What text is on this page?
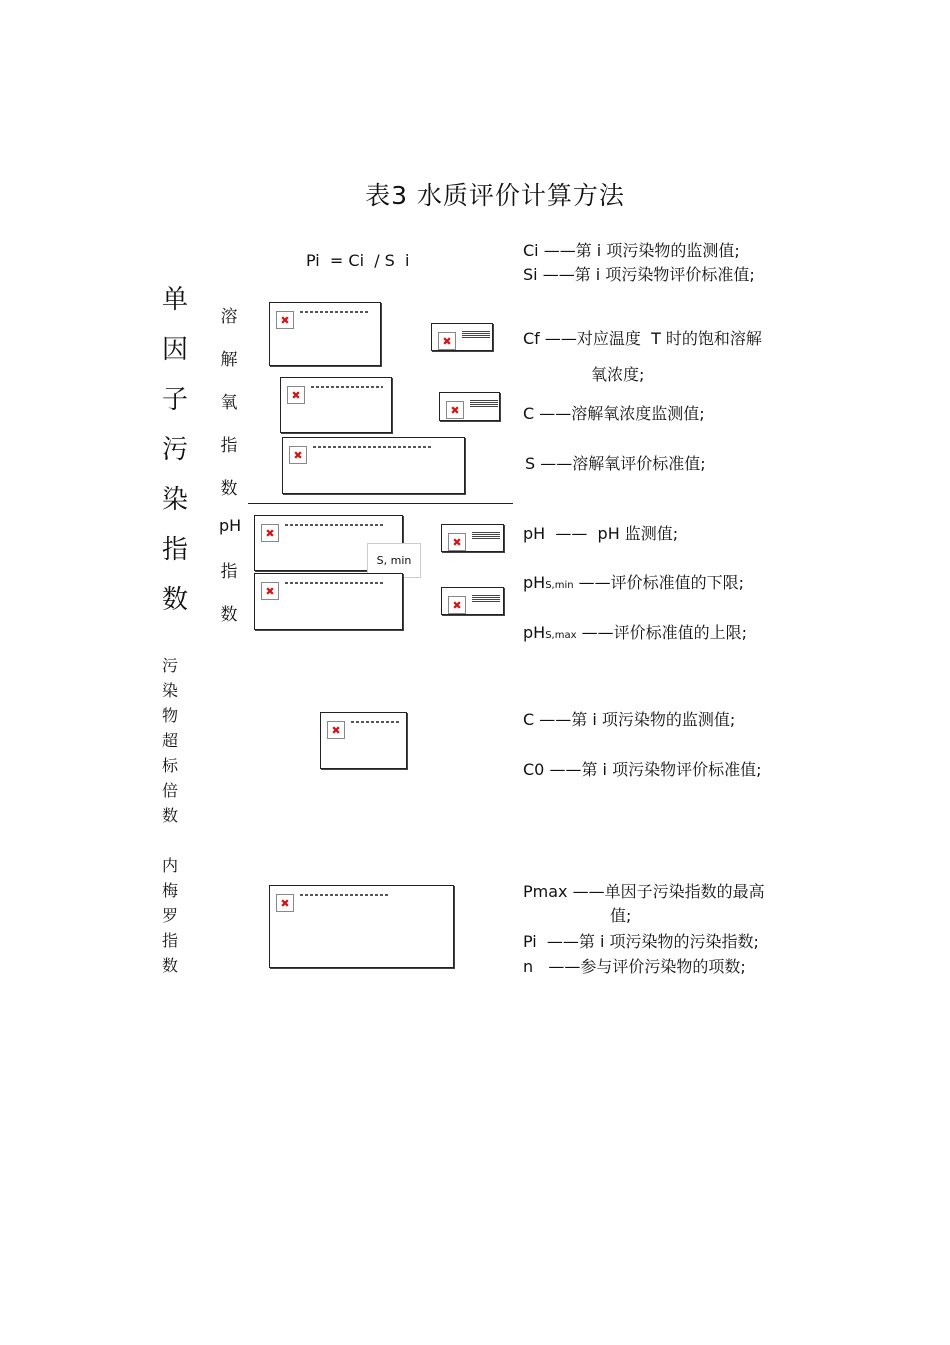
表3 水质评价计算方法
Pi  = Ci  / S  i
单
因
子
污
染
指
数
溶
解
氧
指
数
pH
指
数
污
染
物
超
标
倍
数
内
梅
罗
指
数
✖
✖
✖
✖
✖
✖
✖
S, min
✖
✖
✖
✖
Ci ——第 i 项污染物的监测值;
Si ——第 i 项污染物评价标准值;
Cf ——对应温度  T 时的饱和溶解
氧浓度;
C ——溶解氧浓度监测值;
S ——溶解氧评价标准值;
pH  ——  pH 监测值;
pHS,min ——评价标准值的下限;
pHS,max ——评价标准值的上限;
C ——第 i 项污染物的监测值;
C0 ——第 i 项污染物评价标准值;
Pmax ——单因子污染指数的最高
值;
Pi  ——第 i 项污染物的污染指数;
n   ——参与评价污染物的项数;
